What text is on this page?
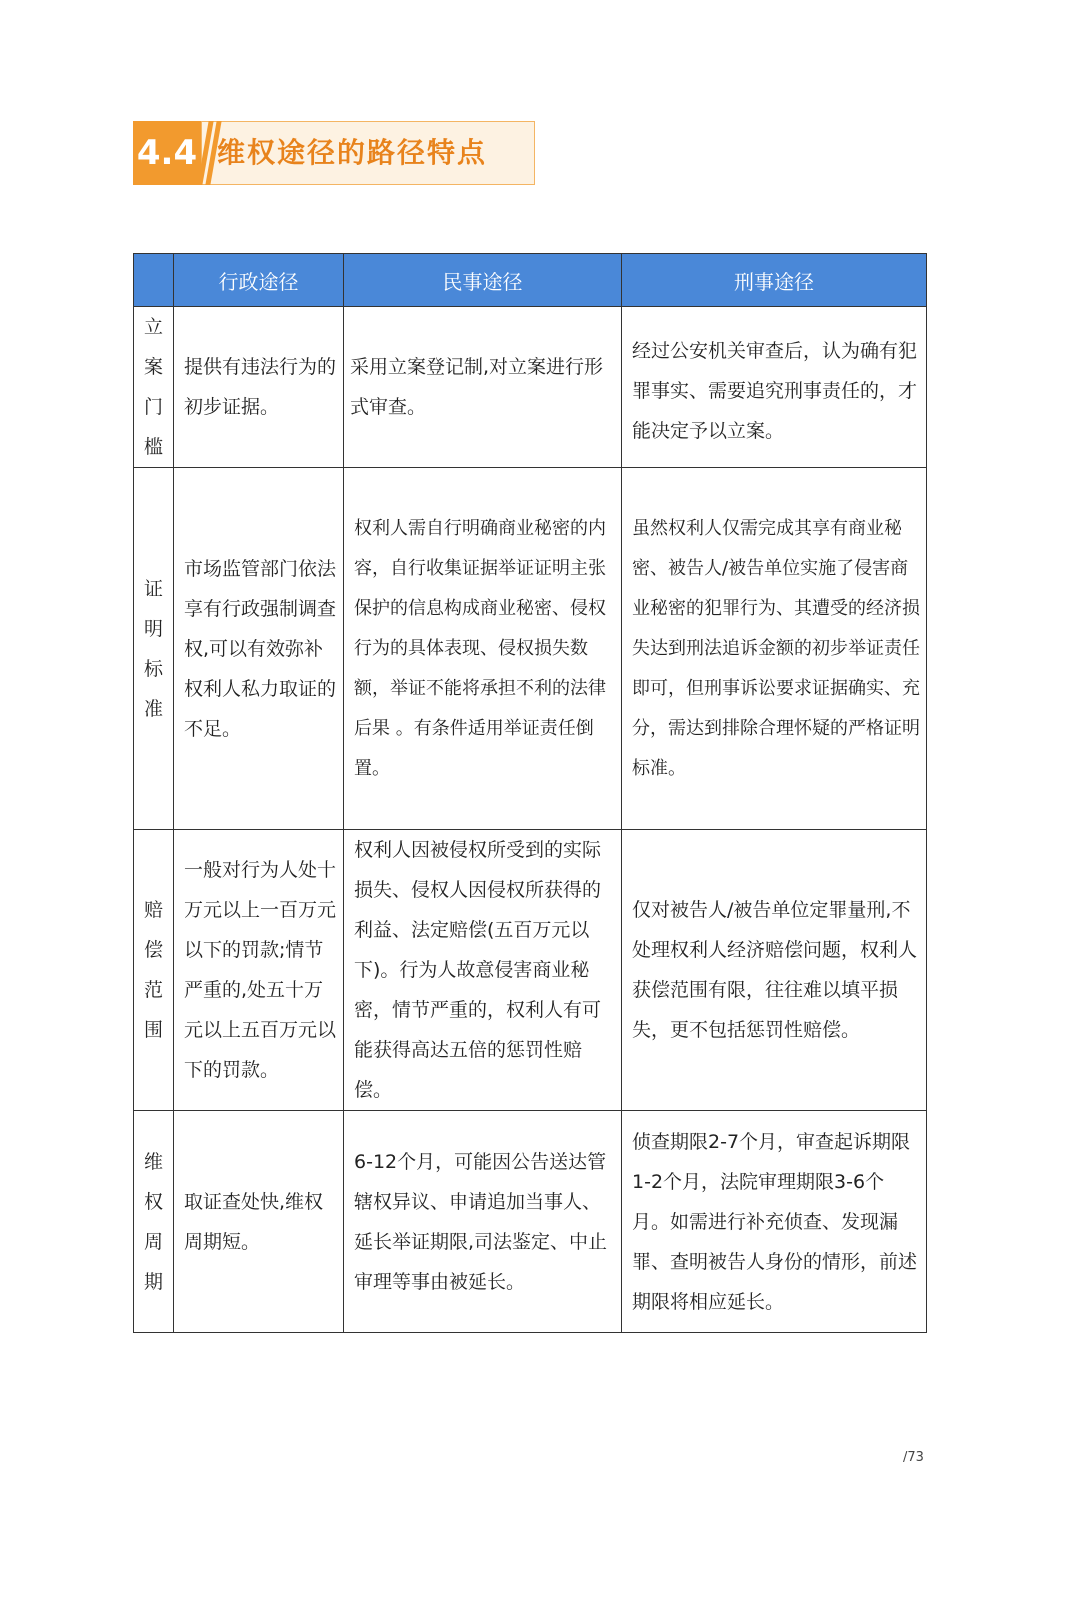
4.4 维权途径的路径特点
	行政途径	民事途径	刑事途径

立
案
门
槛	提供有违法行为的初步证据。	采用立案登记制,对立案进行形式审查。	经过公安机关审查后，认为确有犯罪事实、需要追究刑事责任的，才能决定予以立案。

证
明
标
准	市场监管部门依法享有行政强制调查权,可以有效弥补权利人私力取证的不足。	权利人需自行明确商业秘密的内容，自行收集证据举证证明主张保护的信息构成商业秘密、侵权行为的具体表现、侵权损失数额，举证不能将承担不利的法律后果 。有条件适用举证责任倒置。	虽然权利人仅需完成其享有商业秘密、被告人/被告单位实施了侵害商业秘密的犯罪行为、其遭受的经济损失达到刑法追诉金额的初步举证责任即可，但刑事诉讼要求证据确实、充分，需达到排除合理怀疑的严格证明标准。

赔
偿
范
围	一般对行为人处十万元以上一百万元以下的罚款;情节严重的,处五十万元以上五百万元以下的罚款。	权利人因被侵权所受到的实际损失、侵权人因侵权所获得的利益、法定赔偿(五百万元以下)。行为人故意侵害商业秘密，情节严重的，权利人有可能获得高达五倍的惩罚性赔偿。	仅对被告人/被告单位定罪量刑,不处理权利人经济赔偿问题，权利人获偿范围有限，往往难以填平损失，更不包括惩罚性赔偿。

维
权
周
期	取证查处快,维权周期短。	6-12个月，可能因公告送达管辖权异议、申请追加当事人、延长举证期限,司法鉴定、中止审理等事由被延长。	侦查期限2-7个月，审查起诉期限1-2个月，法院审理期限3-6个月。如需进行补充侦查、发现漏罪、查明被告人身份的情形，前述期限将相应延长。
/73
